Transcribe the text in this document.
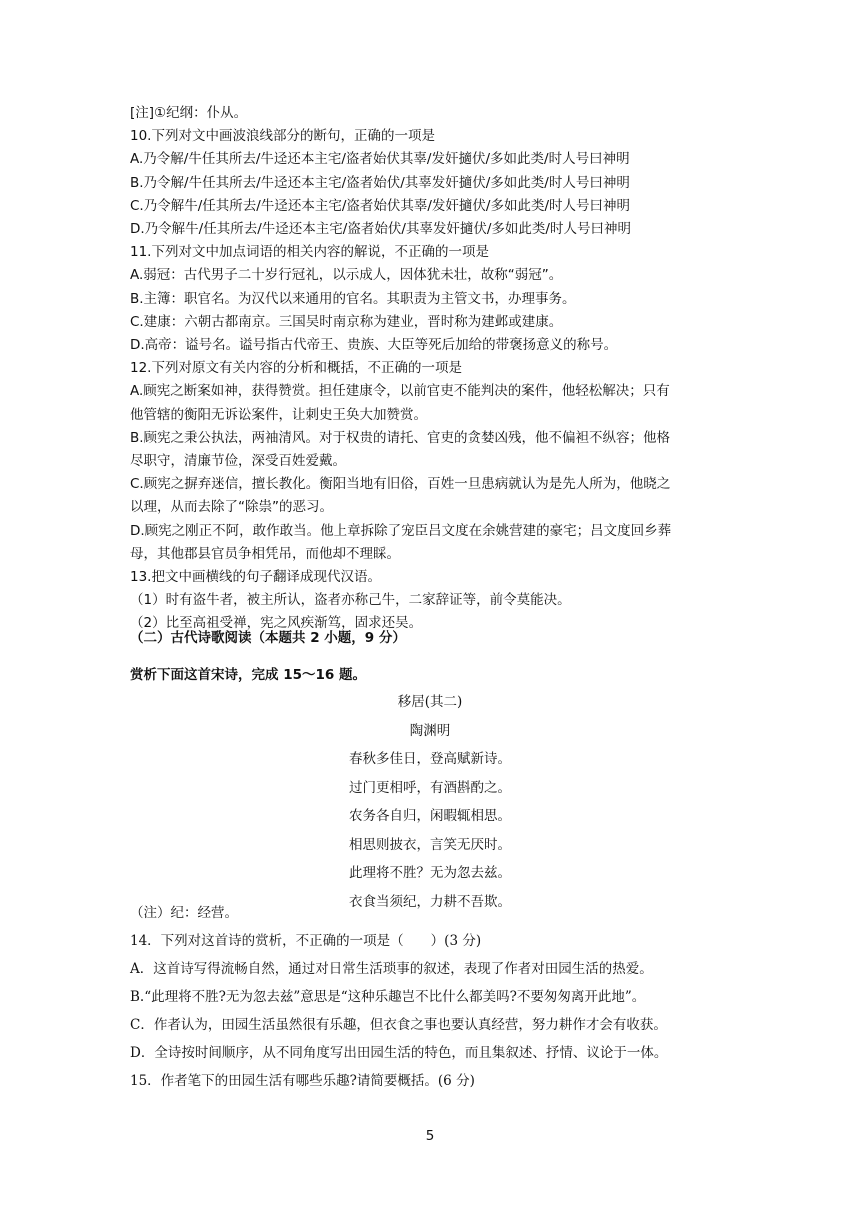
[注]①纪纲：仆从。

10.下列对文中画波浪线部分的断句，正确的一项是

A.乃令解/牛任其所去/牛迳还本主宅/盗者始伏其辜/发奸擿伏/多如此类/时人号曰神明

B.乃令解/牛任其所去/牛迳还本主宅/盗者始伏/其辜发奸擿伏/多如此类/时人号曰神明

C.乃令解牛/任其所去/牛迳还本主宅/盗者始伏其辜/发奸擿伏/多如此类/时人号曰神明

D.乃令解牛/任其所去/牛迳还本主宅/盗者始伏/其辜发奸擿伏/多如此类/时人号曰神明

11.下列对文中加点词语的相关内容的解说，不正确的一项是

A.弱冠：古代男子二十岁行冠礼，以示成人，因体犹未壮，故称“弱冠”。

B.主簿：职官名。为汉代以来通用的官名。其职责为主管文书，办理事务。

C.建康：六朝古都南京。三国吴时南京称为建业，晋时称为建邺或建康。

D.高帝：谥号名。谥号指古代帝王、贵族、大臣等死后加给的带褒扬意义的称号。

12.下列对原文有关内容的分析和概括，不正确的一项是

A.顾宪之断案如神，获得赞赏。担任建康令，以前官吏不能判决的案件，他轻松解决；只有

他管辖的衡阳无诉讼案件，让刺史王奂大加赞赏。

B.顾宪之秉公执法，两袖清风。对于权贵的请托、官吏的贪婪凶残，他不偏袒不纵容；他格

尽职守，清廉节俭，深受百姓爱戴。

C.顾宪之摒弃迷信，擅长教化。衡阳当地有旧俗，百姓一旦患病就认为是先人所为，他晓之

以理，从而去除了“除祟”的恶习。

D.顾宪之刚正不阿，敢作敢当。他上章拆除了宠臣吕文度在余姚营建的豪宅；吕文度回乡葬

母，其他郡县官员争相凭吊，而他却不理睬。

13.把文中画横线的句子翻译成现代汉语。

（1）时有盗牛者，被主所认，盗者亦称己牛，二家辞证等，前令莫能决。

（2）比至高祖受禅，宪之风疾渐笃，固求还吴。

（二）古代诗歌阅读（本题共 2 小题，9 分）
赏析下面这首宋诗，完成 15～16 题。

移居(其二)

陶渊明

春秋多佳日，登高赋新诗。

过门更相呼，有酒斟酌之。

农务各自归，闲暇辄相思。

相思则披衣，言笑无厌时。

此理将不胜？无为忽去兹。

衣食当须纪，力耕不吾欺。

（注）纪：经营。

14．下列对这首诗的赏析，不正确的一项是（　　）(3 分)

A．这首诗写得流畅自然，通过对日常生活琐事的叙述，表现了作者对田园生活的热爱。

B.“此理将不胜?无为忽去兹”意思是“这种乐趣岂不比什么都美吗?不要匆匆离开此地”。

C．作者认为，田园生活虽然很有乐趣，但衣食之事也要认真经营，努力耕作才会有收获。

D．全诗按时间顺序，从不同角度写出田园生活的特色，而且集叙述、抒情、议论于一体。

15．作者笔下的田园生活有哪些乐趣?请简要概括。(6 分)

5
